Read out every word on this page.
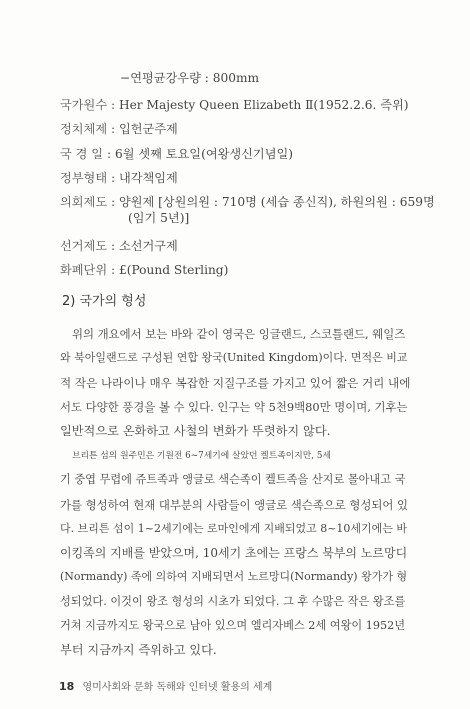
−연평균강우량 : 800mm
국가원수 : Her Majesty Queen Elizabeth Ⅱ(1952.2.6. 즉위)
정치체제 : 입헌군주제
국 경 일 : 6월 셋째 토요일(여왕생신기념일)
정부형태 : 내각책임제
의회제도 : 양원제 [상원의원 : 710명 (세습 종신직), 하원의원 : 659명
(임기 5년)]
선거제도 : 소선거구제
화폐단위 : £(Pound Sterling)
2) 국가의 형성
위의 개요에서 보는 바와 같이 영국은 잉글랜드, 스코틀랜드, 웨일즈
와 북아일랜드로 구성된 연합 왕국(United Kingdom)이다. 면적은 비교
적 작은 나라이나 매우 복잡한 지질구조를 가지고 있어 짧은 거리 내에
서도 다양한 풍경을 볼 수 있다. 인구는 약 5천9백80만 명이며, 기후는
일반적으로 온화하고 사철의 변화가 뚜렷하지 않다.
브리튼 섬의 원주민은 기원전 6~7세기에 살았던 켈트족이지만, 5세
기 중엽 무렵에 쥬트족과 앵글로 색슨족이 켈트족을 산지로 몰아내고 국
가를 형성하여 현재 대부분의 사람들이 앵글로 색슨족으로 형성되어 있
다. 브리튼 섬이 1~2세기에는 로마인에게 지배되었고 8~10세기에는 바
이킹족의 지배를 받았으며, 10세기 초에는 프랑스 북부의 노르망디
(Normandy) 족에 의하여 지배되면서 노르망디(Normandy) 왕가가 형
성되었다. 이것이 왕조 형성의 시초가 되었다. 그 후 수많은 작은 왕조를
거쳐 지금까지도 왕국으로 남아 있으며 엘리자베스 2세 여왕이 1952년
부터 지금까지 즉위하고 있다.
18 영미사회와 문화 독해와 인터넷 활용의 세계
